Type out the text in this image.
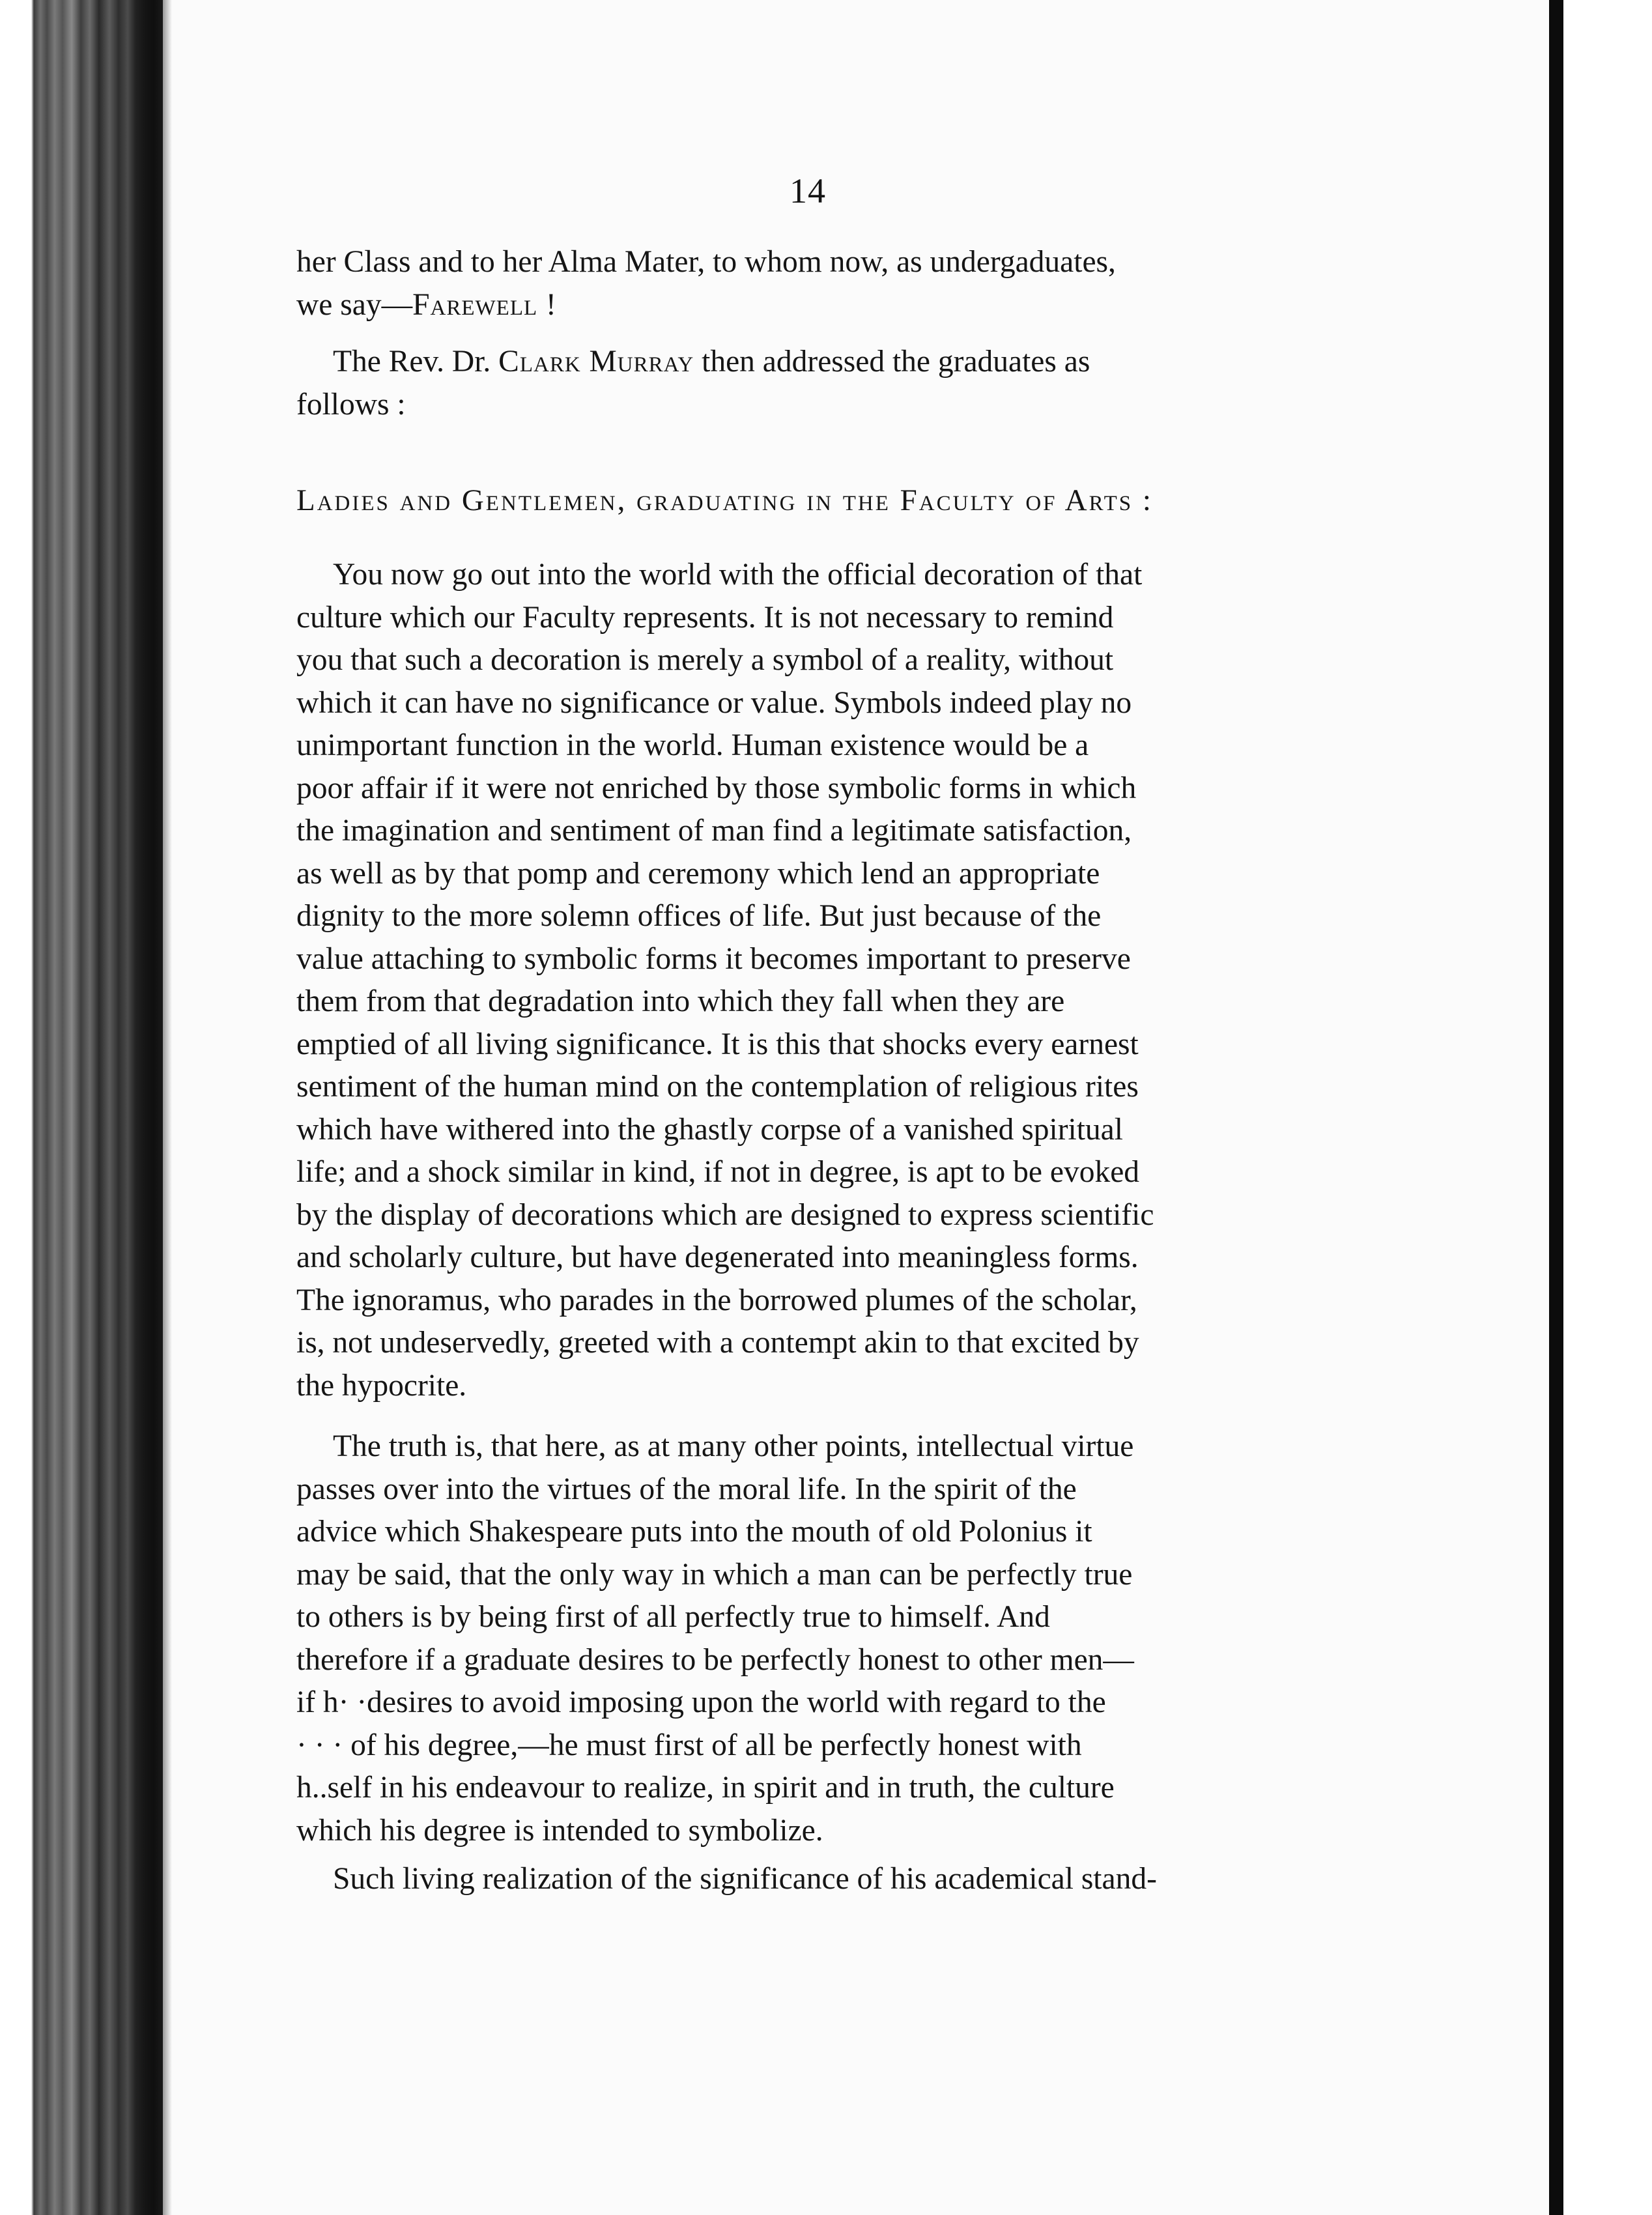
14
her Class and to her Alma Mater, to whom now, as undergaduates,
we say—Farewell !
The Rev. Dr. Clark Murray then addressed the graduates as
follows :
Ladies and Gentlemen, graduating in the Faculty of Arts :
You now go out into the world with the official decoration of that
culture which our Faculty represents. It is not necessary to remind
you that such a decoration is merely a symbol of a reality, without
which it can have no significance or value. Symbols indeed play no
unimportant function in the world. Human existence would be a
poor affair if it were not enriched by those symbolic forms in which
the imagination and sentiment of man find a legitimate satisfaction,
as well as by that pomp and ceremony which lend an appropriate
dignity to the more solemn offices of life. But just because of the
value attaching to symbolic forms it becomes important to preserve
them from that degradation into which they fall when they are
emptied of all living significance. It is this that shocks every earnest
sentiment of the human mind on the contemplation of religious rites
which have withered into the ghastly corpse of a vanished spiritual
life; and a shock similar in kind, if not in degree, is apt to be evoked
by the display of decorations which are designed to express scientific
and scholarly culture, but have degenerated into meaningless forms.
The ignoramus, who parades in the borrowed plumes of the scholar,
is, not undeservedly, greeted with a contempt akin to that excited by
the hypocrite.
The truth is, that here, as at many other points, intellectual virtue
passes over into the virtues of the moral life. In the spirit of the
advice which Shakespeare puts into the mouth of old Polonius it
may be said, that the only way in which a man can be perfectly true
to others is by being first of all perfectly true to himself. And
therefore if a graduate desires to be perfectly honest to other men—
if h· ·desires to avoid imposing upon the world with regard to the
· · · of his degree,—he must first of all be perfectly honest with
h..self in his endeavour to realize, in spirit and in truth, the culture
which his degree is intended to symbolize.
Such living realization of the significance of his academical stand-
